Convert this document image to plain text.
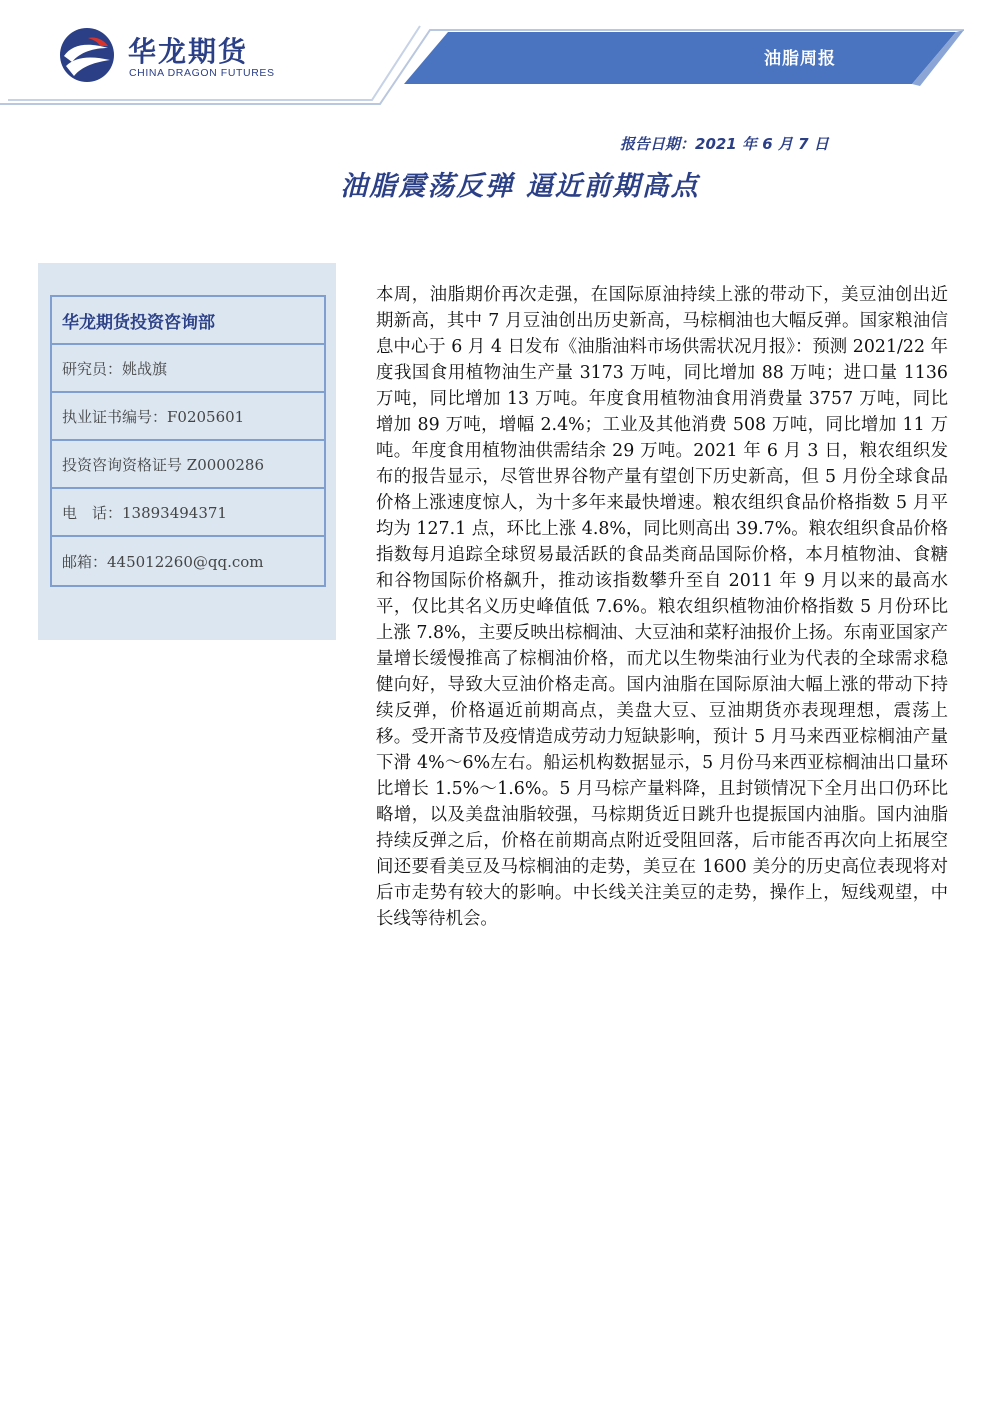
华龙期货
CHINA DRAGON FUTURES
油脂周报
报告日期：2021 年 6 月 7 日
油脂震荡反弹 逼近前期高点
华龙期货投资咨询部
研究员：姚战旗
执业证书编号：F0205601
投资咨询资格证号 Z0000286
电　话：13893494371
邮箱：445012260@qq.com

本周，油脂期价再次走强，在国际原油持续上涨的带动下，美豆油创出近期新高，其中 7 月豆油创出历史新高，马棕榈油也大幅反弹。国家粮油信息中心于 6 月 4 日发布《油脂油料市场供需状况月报》：预测 2021/22 年度我国食用植物油生产量 3173 万吨，同比增加 88 万吨；进口量 1136 万吨，同比增加 13 万吨。年度食用植物油食用消费量 3757 万吨，同比增加 89 万吨，增幅 2.4%；工业及其他消费 508 万吨，同比增加 11 万吨。年度食用植物油供需结余 29 万吨。2021 年 6 月 3 日，粮农组织发布的报告显示，尽管世界谷物产量有望创下历史新高，但 5 月份全球食品价格上涨速度惊人，为十多年来最快增速。粮农组织食品价格指数 5 月平均为 127.1 点，环比上涨 4.8%，同比则高出 39.7%。粮农组织食品价格指数每月追踪全球贸易最活跃的食品类商品国际价格，本月植物油、食糖和谷物国际价格飙升，推动该指数攀升至自 2011 年 9 月以来的最高水平，仅比其名义历史峰值低 7.6%。粮农组织植物油价格指数 5 月份环比上涨 7.8%，主要反映出棕榈油、大豆油和菜籽油报价上扬。东南亚国家产量增长缓慢推高了棕榈油价格，而尤以生物柴油行业为代表的全球需求稳健向好，导致大豆油价格走高。国内油脂在国际原油大幅上涨的带动下持续反弹，价格逼近前期高点，美盘大豆、豆油期货亦表现理想，震荡上移。受开斋节及疫情造成劳动力短缺影响，预计 5 月马来西亚棕榈油产量下滑 4%～6%左右。船运机构数据显示，5 月份马来西亚棕榈油出口量环比增长 1.5%～1.6%。5 月马棕产量料降，且封锁情况下全月出口仍环比略增，以及美盘油脂较强，马棕期货近日跳升也提振国内油脂。国内油脂持续反弹之后，价格在前期高点附近受阻回落，后市能否再次向上拓展空间还要看美豆及马棕榈油的走势，美豆在 1600 美分的历史高位表现将对后市走势有较大的影响。中长线关注美豆的走势，操作上，短线观望，中长线等待机会。
